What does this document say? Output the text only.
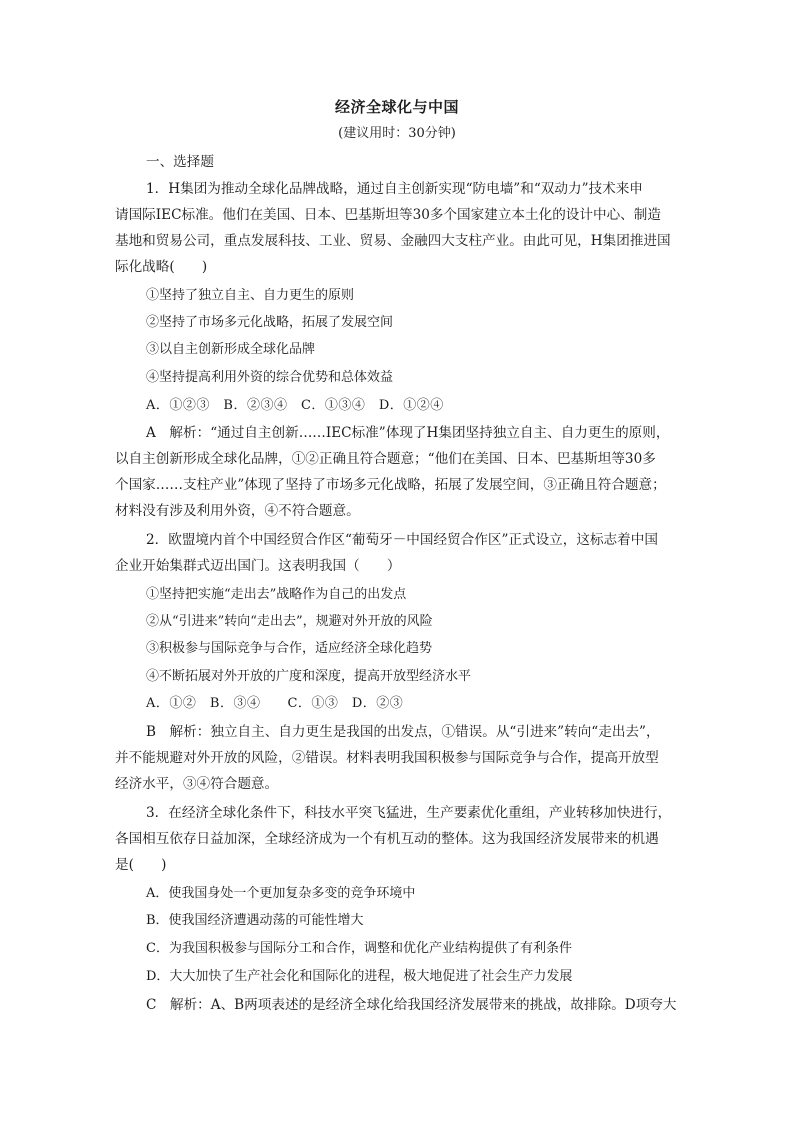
经济全球化与中国
(建议用时：30分钟)
一、选择题
1．H集团为推动全球化品牌战略，通过自主创新实现“防电墙”和“双动力”技术来申
请国际IEC标准。他们在美国、日本、巴基斯坦等30多个国家建立本土化的设计中心、制造
基地和贸易公司，重点发展科技、工业、贸易、金融四大支柱产业。由此可见，H集团推进国
际化战略(　　)
①坚持了独立自主、自力更生的原则
②坚持了市场多元化战略，拓展了发展空间
③以自主创新形成全球化品牌
④坚持提高利用外资的综合优势和总体效益
A．①②③　B．②③④　C．①③④　D．①②④
A　解析：“通过自主创新……IEC标准”体现了H集团坚持独立自主、自力更生的原则，
以自主创新形成全球化品牌，①②正确且符合题意；“他们在美国、日本、巴基斯坦等30多
个国家……支柱产业”体现了坚持了市场多元化战略，拓展了发展空间，③正确且符合题意；
材料没有涉及利用外资，④不符合题意。
2．欧盟境内首个中国经贸合作区“葡萄牙－中国经贸合作区”正式设立，这标志着中国
企业开始集群式迈出国门。这表明我国（　　）
①坚持把实施“走出去”战略作为自己的出发点
②从“引进来”转向“走出去”，规避对外开放的风险
③积极参与国际竞争与合作，适应经济全球化趋势
④不断拓展对外开放的广度和深度，提高开放型经济水平
A．①②　B．③④　　C．①③　D．②③
B　解析：独立自主、自力更生是我国的出发点，①错误。从“引进来”转向“走出去”，
并不能规避对外开放的风险，②错误。材料表明我国积极参与国际竞争与合作，提高开放型
经济水平，③④符合题意。
3．在经济全球化条件下，科技水平突飞猛进，生产要素优化重组，产业转移加快进行，
各国相互依存日益加深，全球经济成为一个有机互动的整体。这为我国经济发展带来的机遇
是(　　)
A．使我国身处一个更加复杂多变的竞争环境中
B．使我国经济遭遇动荡的可能性增大
C．为我国积极参与国际分工和合作，调整和优化产业结构提供了有利条件
D．大大加快了生产社会化和国际化的进程，极大地促进了社会生产力发展
C　解析：A、B两项表述的是经济全球化给我国经济发展带来的挑战，故排除。D项夸大
